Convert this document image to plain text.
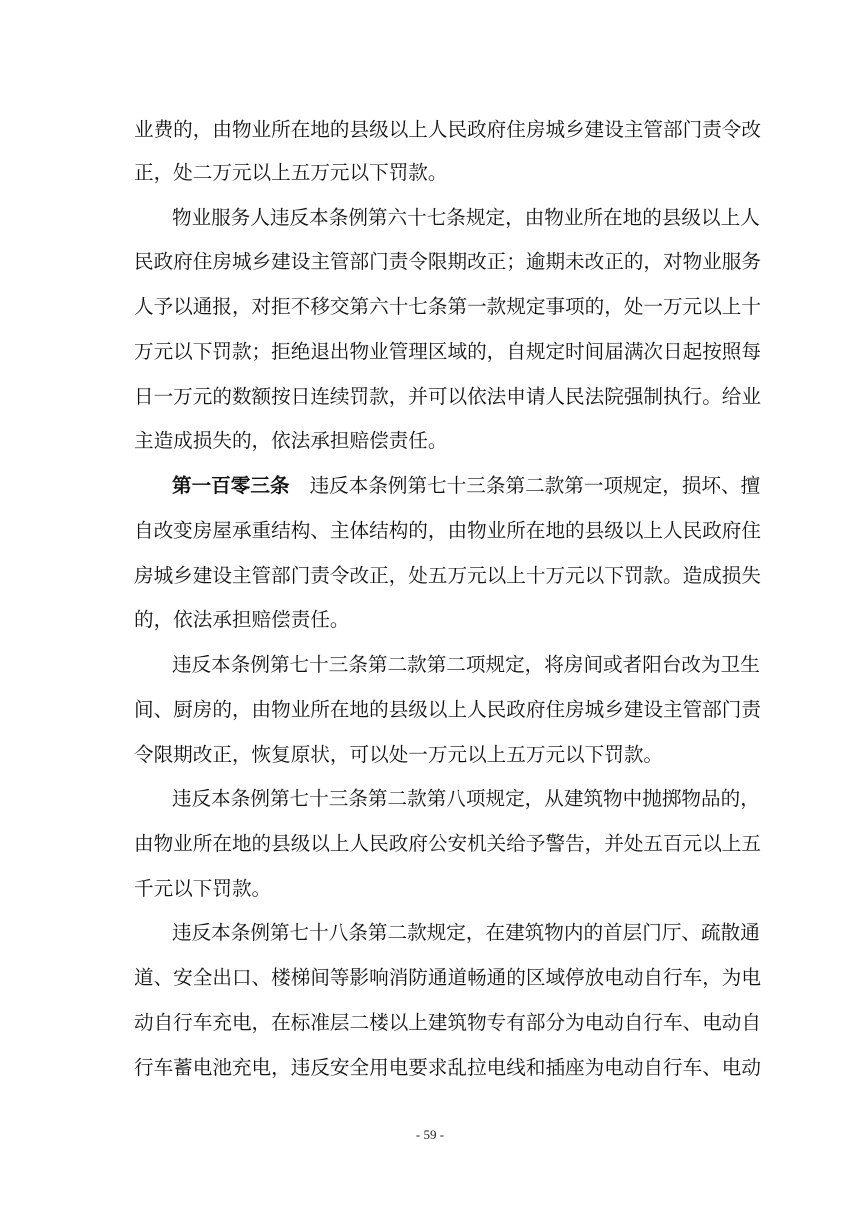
业费的，由物业所在地的县级以上人民政府住房城乡建设主管部门责令改
正，处二万元以上五万元以下罚款。
物业服务人违反本条例第六十七条规定，由物业所在地的县级以上人
民政府住房城乡建设主管部门责令限期改正；逾期未改正的，对物业服务
人予以通报，对拒不移交第六十七条第一款规定事项的，处一万元以上十
万元以下罚款；拒绝退出物业管理区域的，自规定时间届满次日起按照每
日一万元的数额按日连续罚款，并可以依法申请人民法院强制执行。给业
主造成损失的，依法承担赔偿责任。
第一百零三条 违反本条例第七十三条第二款第一项规定，损坏、擅
自改变房屋承重结构、主体结构的，由物业所在地的县级以上人民政府住
房城乡建设主管部门责令改正，处五万元以上十万元以下罚款。造成损失
的，依法承担赔偿责任。
违反本条例第七十三条第二款第二项规定，将房间或者阳台改为卫生
间、厨房的，由物业所在地的县级以上人民政府住房城乡建设主管部门责
令限期改正，恢复原状，可以处一万元以上五万元以下罚款。
违反本条例第七十三条第二款第八项规定，从建筑物中抛掷物品的，
由物业所在地的县级以上人民政府公安机关给予警告，并处五百元以上五
千元以下罚款。
违反本条例第七十八条第二款规定，在建筑物内的首层门厅、疏散通
道、安全出口、楼梯间等影响消防通道畅通的区域停放电动自行车，为电
动自行车充电，在标准层二楼以上建筑物专有部分为电动自行车、电动自
行车蓄电池充电，违反安全用电要求乱拉电线和插座为电动自行车、电动
- 59 -
